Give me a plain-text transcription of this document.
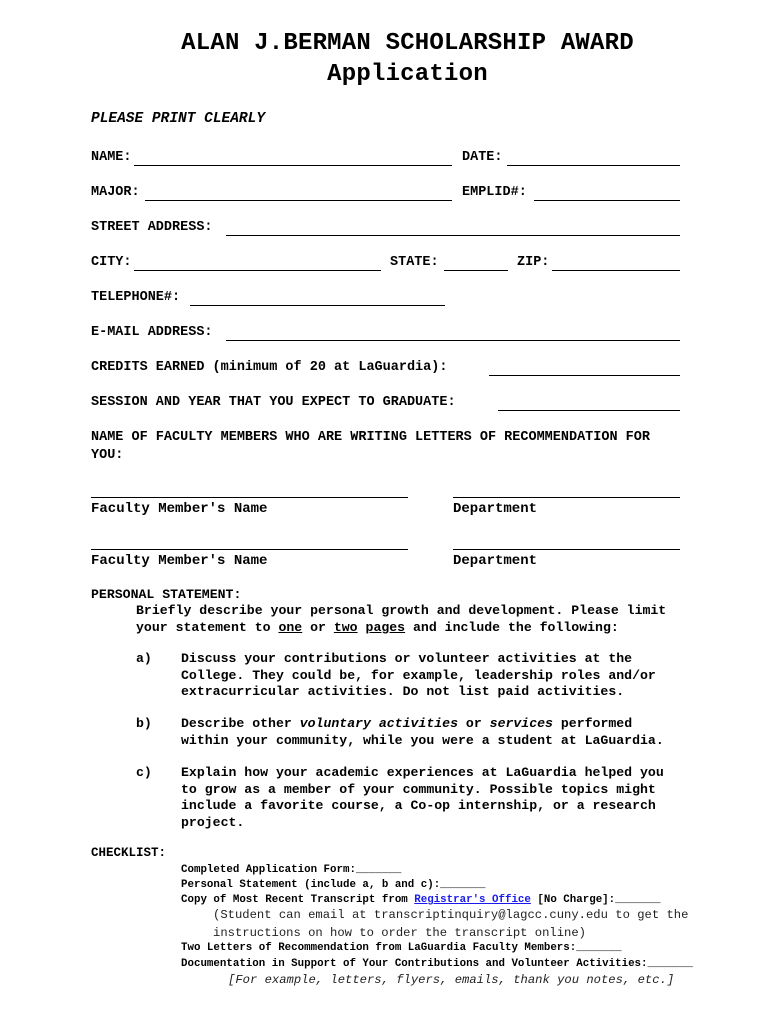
ALAN J.BERMAN SCHOLARSHIP AWARD
Application
PLEASE PRINT CLEARLY
NAME:	DATE:
MAJOR:	EMPLID#:
STREET ADDRESS:
CITY:	STATE:	ZIP:
TELEPHONE#:
E-MAIL ADDRESS:
CREDITS EARNED (minimum of 20 at LaGuardia):
SESSION AND YEAR THAT YOU EXPECT TO GRADUATE:
NAME OF FACULTY MEMBERS WHO ARE WRITING LETTERS OF RECOMMENDATION FOR
YOU:
Faculty Member's Name	Department
Faculty Member's Name	Department
PERSONAL STATEMENT:
Briefly describe your personal growth and development. Please limit
your statement to one or two pages and include the following:
a) Discuss your contributions or volunteer activities at the
College. They could be, for example, leadership roles and/or
extracurricular activities. Do not list paid activities.
b) Describe other voluntary activities or services performed
within your community, while you were a student at LaGuardia.
c) Explain how your academic experiences at LaGuardia helped you
to grow as a member of your community. Possible topics might
include a favorite course, a Co-op internship, or a research
project.
CHECKLIST:
Completed Application Form:_______
Personal Statement (include a, b and c):_______
Copy of Most Recent Transcript from Registrar's Office [No Charge]:_______
(Student can email at transcriptinquiry@lagcc.cuny.edu to get the
instructions on how to order the transcript online)
Two Letters of Recommendation from LaGuardia Faculty Members:_______
Documentation in Support of Your Contributions and Volunteer Activities:_______
[For example, letters, flyers, emails, thank you notes, etc.]
